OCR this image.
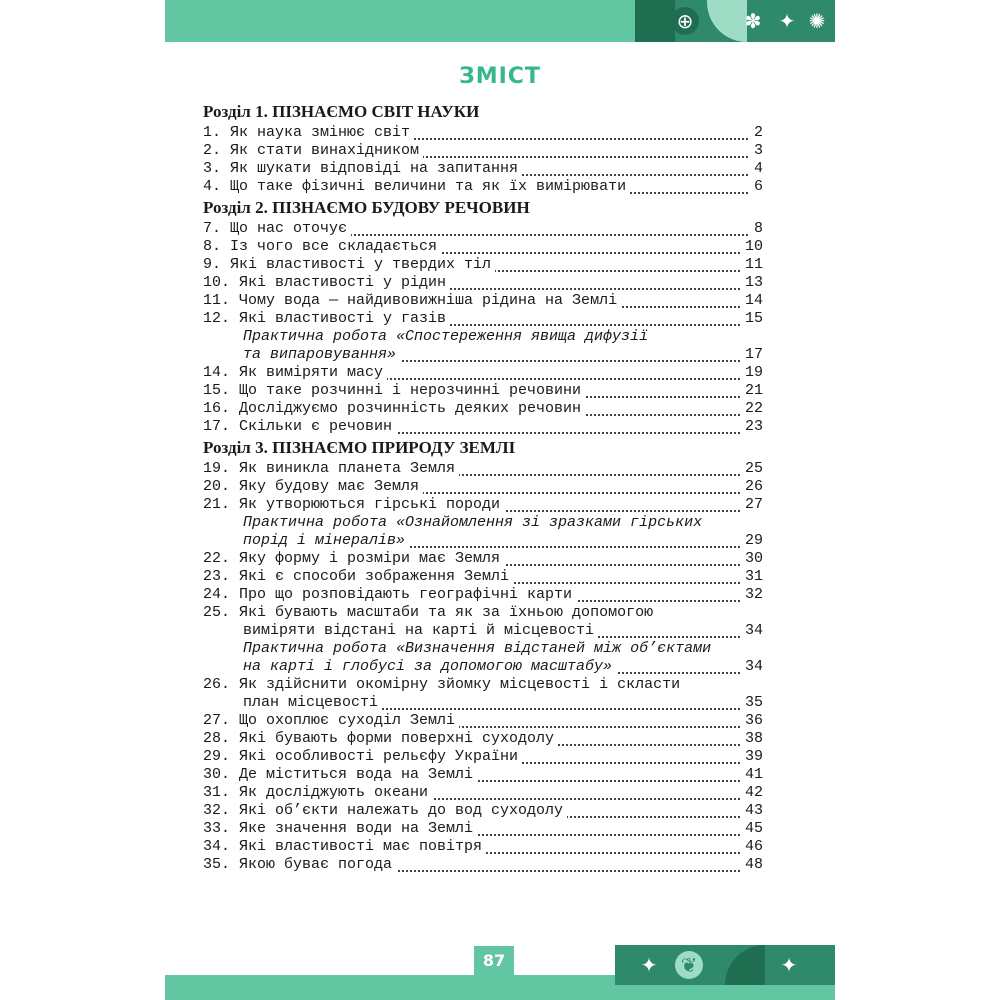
⊕	✽ ✦ ✺
ЗМІСТ
Розділ 1. ПІЗНАЄМО СВІТ НАУКИ
1. Як наука змінює світ	2
2. Як стати винахідником	3
3. Як шукати відповіді на запитання	4
4. Що таке фізичні величини та як їх вимірювати	6
Розділ 2. ПІЗНАЄМО БУДОВУ РЕЧОВИН
7. Що нас оточує	8
8. Із чого все складається	10
9. Які властивості у твердих тіл	11
10. Які властивості у рідин	13
11. Чому вода — найдивовижніша рідина на Землі	14
12. Які властивості у газів	15
Практична робота «Спостереження явища дифузії
та випаровування»	17
14. Як виміряти масу	19
15. Що таке розчинні і нерозчинні речовини	21
16. Досліджуємо розчинність деяких речовин	22
17. Скільки є речовин	23
Розділ 3. ПІЗНАЄМО ПРИРОДУ ЗЕМЛІ
19. Як виникла планета Земля	25
20. Яку будову має Земля	26
21. Як утворюються гірські породи	27
Практична робота «Ознайомлення зі зразками гірських
порід і мінералів»	29
22. Яку форму і розміри має Земля	30
23. Які є способи зображення Землі	31
24. Про що розповідають географічні карти	32
25. Які бувають масштаби та як за їхньою допомогою
виміряти відстані на карті й місцевості	34
Практична робота «Визначення відстаней між об’єктами
на карті і глобусі за допомогою масштабу»	34
26. Як здійснити окомірну зйомку місцевості і скласти
план місцевості	35
27. Що охоплює суходіл Землі	36
28. Які бувають форми поверхні суходолу	38
29. Які особливості рельєфу України	39
30. Де міститься вода на Землі	41
31. Як досліджують океани	42
32. Які об’єкти належать до вод суходолу	43
33. Яке значення води на Землі	45
34. Які властивості має повітря	46
35. Якою буває погода	48
87	✦ ❦	✦
